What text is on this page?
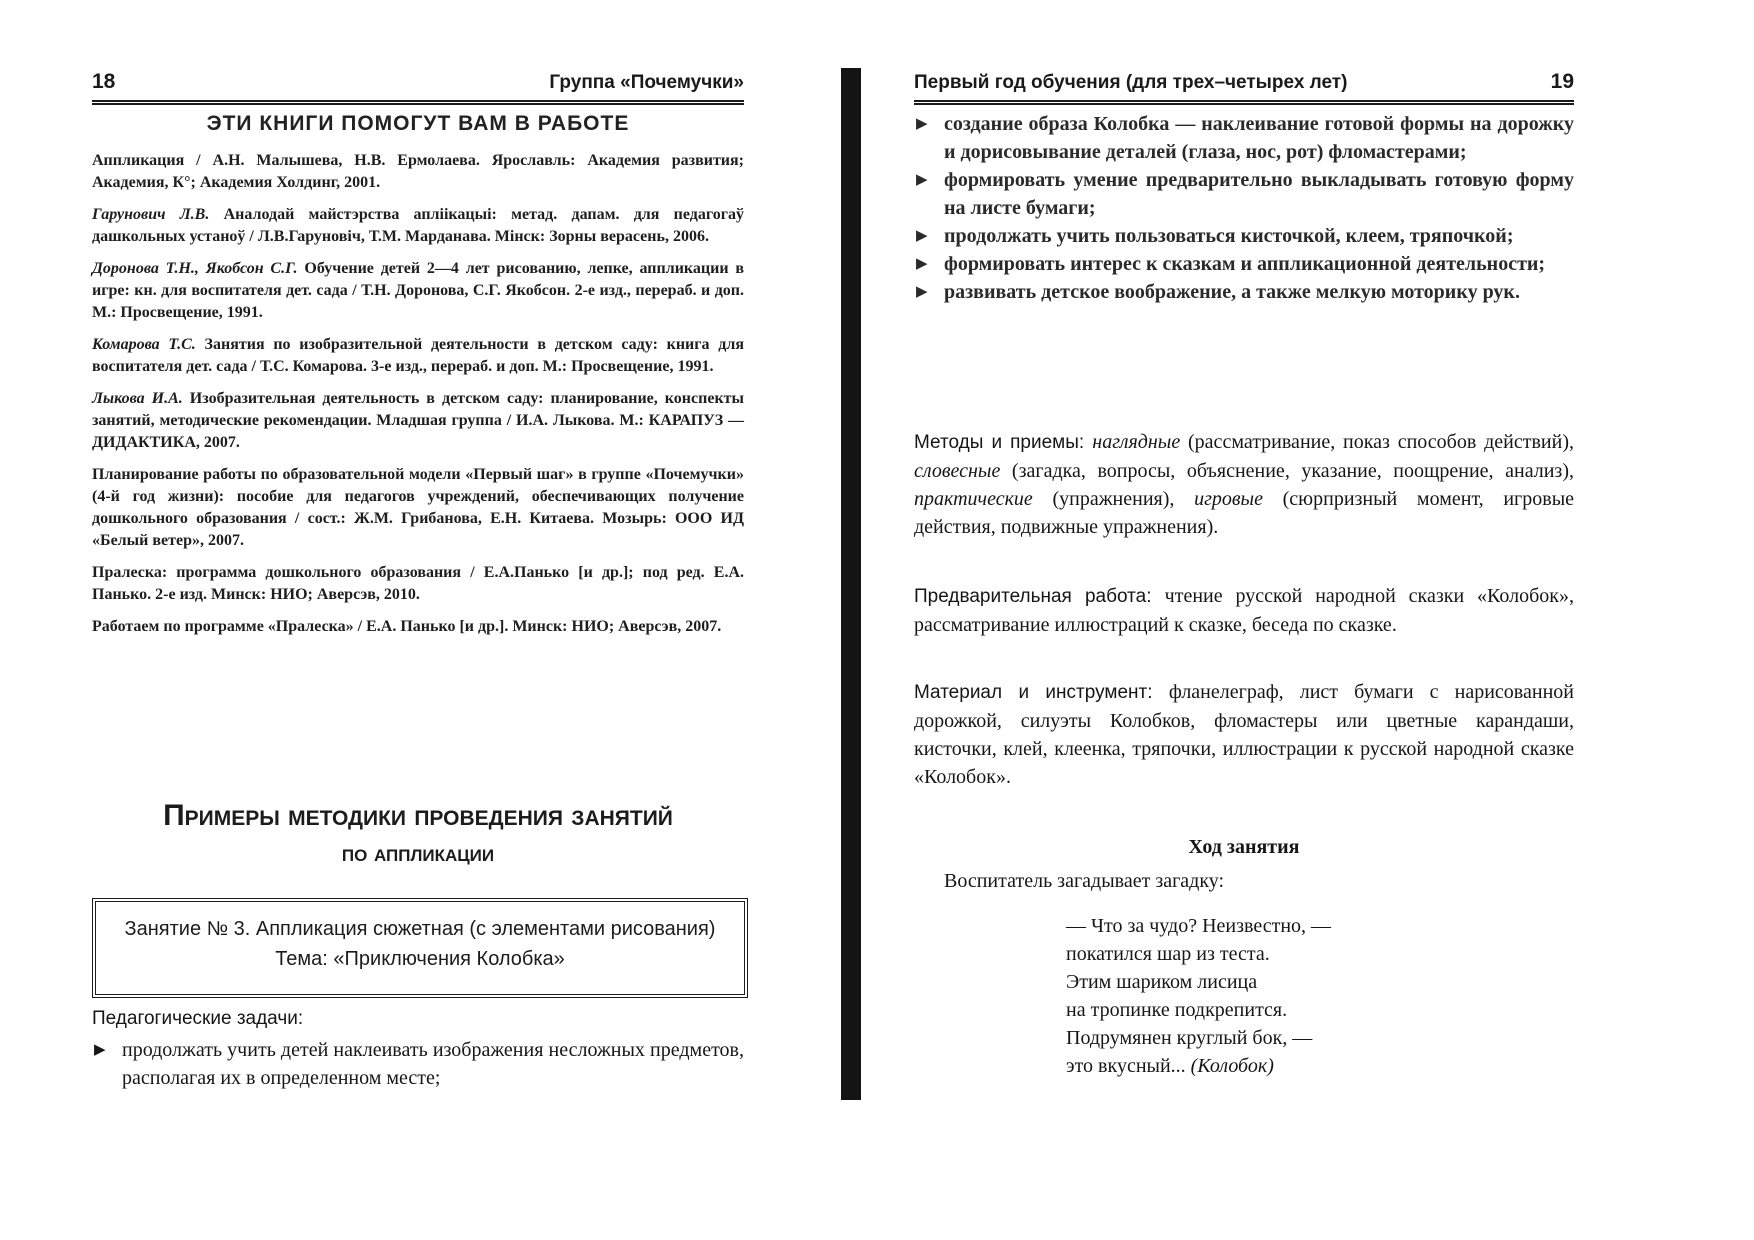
18	Группа «Почемучки»
ЭТИ КНИГИ ПОМОГУТ ВАМ В РАБОТЕ

Аппликация / А.Н. Малышева, Н.В. Ермолаева. Ярославль: Академия развития; Академия, К°; Академия Холдинг, 2001.

Гарунович Л.В. Аналодай майстэрства апліікацыі: метад. дапам. для педагогаў дашкольных устаноў / Л.В.Гаруновіч, Т.М. Марданава. Мінск: Зорны верасень, 2006.

Доронова Т.Н., Якобсон С.Г. Обучение детей 2—4 лет рисованию, лепке, аппликации в игре: кн. для воспитателя дет. сада / Т.Н. Доронова, С.Г. Якобсон. 2-е изд., перераб. и доп. М.: Просвещение, 1991.

Комарова Т.С. Занятия по изобразительной деятельности в детском саду: книга для воспитателя дет. сада / Т.С. Комарова. 3-е изд., перераб. и доп. М.: Просвещение, 1991.

Лыкова И.А. Изобразительная деятельность в детском саду: планирование, конспекты занятий, методические рекомендации. Младшая группа / И.А. Лыкова. М.: КАРАПУЗ — ДИДАКТИКА, 2007.

Планирование работы по образовательной модели «Первый шаг» в группе «Почемучки» (4-й год жизни): пособие для педагогов учреждений, обеспечивающих получение дошкольного образования / сост.: Ж.М. Грибанова, Е.Н. Китаева. Мозырь: ООО ИД «Белый ветер», 2007.

Пралеска: программа дошкольного образования / Е.А.Панько [и др.]; под ред. Е.А. Панько. 2-е изд. Минск: НИО; Аверсэв, 2010.

Работаем по программе «Пралеска» / Е.А. Панько [и др.]. Минск: НИО; Аверсэв, 2007.

Примеры методики проведения занятий
по аппликации
Занятие № 3. Аппликация сюжетная (с элементами рисования)
Тема: «Приключения Колобка»
Педагогические задачи:
▶ продолжать учить детей наклеивать изображения несложных предметов, располагая их в определенном месте;
Первый год обучения (для трех–четырех лет)	19
▶ создание образа Колобка — наклеивание готовой формы на дорожку и дорисовывание деталей (глаза, нос, рот) фломастерами;
▶ формировать умение предварительно выкладывать готовую форму на листе бумаги;
▶ продолжать учить пользоваться кисточкой, клеем, тряпочкой;
▶ формировать интерес к сказкам и аппликационной деятельности;
▶ развивать детское воображение, а также мелкую моторику рук.
Методы и приемы: наглядные (рассматривание, показ способов действий), словесные (загадка, вопросы, объяснение, указание, поощрение, анализ), практические (упражнения), игровые (сюрпризный момент, игровые действия, подвижные упражнения).
Предварительная работа: чтение русской народной сказки «Колобок», рассматривание иллюстраций к сказке, беседа по сказке.
Материал и инструмент: фланелеграф, лист бумаги с нарисованной дорожкой, силуэты Колобков, фломастеры или цветные карандаши, кисточки, клей, клеенка, тряпочки, иллюстрации к русской народной сказке «Колобок».
Ход занятия
Воспитатель загадывает загадку:
— Что за чудо? Неизвестно, —
покатился шар из теста.
Этим шариком лисица
на тропинке подкрепится.
Подрумянен круглый бок, —
это вкусный... (Колобок)
